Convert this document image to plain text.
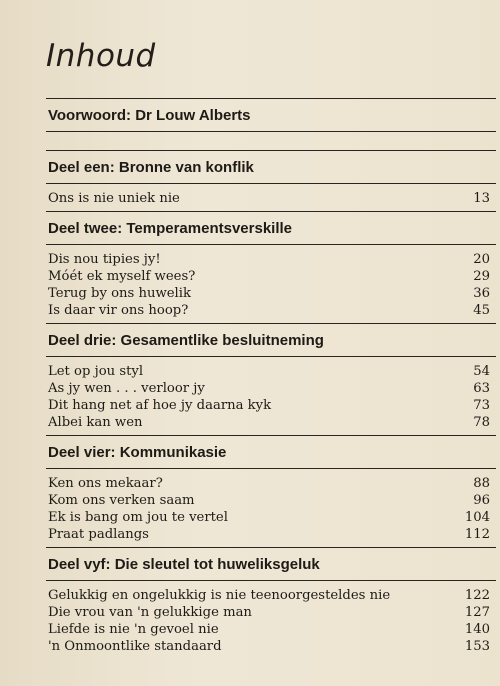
Inhoud
Voorwoord: Dr Louw Alberts
Deel een: Bronne van konflik
Ons is nie uniek nie	13
Deel twee: Temperamentsverskille
Dis nou tipies jy!	20
Móét ek myself wees?	29
Terug by ons huwelik	36
Is daar vir ons hoop?	45
Deel drie: Gesamentlike besluitneming
Let op jou styl	54
As jy wen . . . verloor jy	63
Dit hang net af hoe jy daarna kyk	73
Albei kan wen	78
Deel vier: Kommunikasie
Ken ons mekaar?	88
Kom ons verken saam	96
Ek is bang om jou te vertel	104
Praat padlangs	112
Deel vyf: Die sleutel tot huweliksgeluk
Gelukkig en ongelukkig is nie teenoorgesteldes nie	122
Die vrou van 'n gelukkige man	127
Liefde is nie 'n gevoel nie	140
'n Onmoontlike standaard	153
